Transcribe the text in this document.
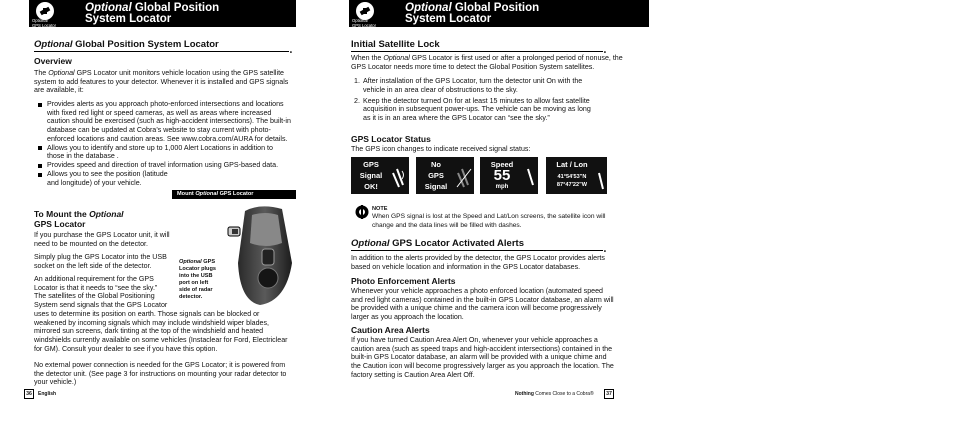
Optional
GPS Locator
Optional Global Position
System Locator
Optional Global Position System Locator •
Overview
The Optional GPS Locator unit monitors vehicle location using the GPS satellite system to add features to your detector. Whenever it is installed and GPS signals are available, it:
Provides alerts as you approach photo-enforced intersections and locations with fixed red light or speed cameras, as well as areas where increased caution should be exercised (such as high-accident intersections). The built-in database can be updated at Cobra’s website to stay current with photo-enforced locations and caution areas. See www.cobra.com/AURA for details.
Allows you to identify and store up to 1,000 Alert Locations in addition to those in the database .
Provides speed and direction of travel information using GPS-based data.
Allows you to see the position (latitude and longitude) of your vehicle.
To Mount the Optional
GPS Locator
If you purchase the GPS Locator unit, it will need to be mounted on the detector.
Simply plug the GPS Locator into the USB socket on the left side of the detector.
An additional requirement for the GPS Locator is that it needs to “see the sky.” The satellites of the Global Positioning System send signals that the GPS Locator
uses to determine its position on earth. Those signals can be blocked or weakened by incoming signals which may include windshield wiper blades, mirrored sun screens, dark tinting at the top of the windshield and heated windshields currently available on some vehicles (Instaclear for Ford, Electriclear for GM). Consult your dealer to see if you have this option.
No external power connection is needed for the GPS Locator; it is powered from the detector unit. (See page 3 for instructions on mounting your radar detector to your vehicle.)
Mount Optional GPS Locator
Optional GPS
Locator plugs
into the USB
port on left
side of radar
detector.
36	English
Optional
GPS Locator
Optional Global Position
System Locator
Initial Satellite Lock •
When the Optional GPS Locator is first used or after a prolonged period of nonuse, the GPS Locator needs more time to detect the Global Position System satellites.
1. After installation of the GPS Locator, turn the detector unit On with the vehicle in an area clear of obstructions to the sky.
2. Keep the detector turned On for at least 15 minutes to allow fast satellite acquisition in subsequent power-ups. The vehicle can be moving as long as it is in an area where the GPS Locator can “see the sky.”
GPS Locator Status
The GPS icon changes to indicate received signal status:
GPS
Signal
OK!
No
GPS
Signal
Speed
55
mph
Lat / Lon
41°54'53"N
87°47'22"W
NOTE
When GPS signal is lost at the Speed and Lat/Lon screens, the satellite icon will change and the data lines will be filled with dashes.
Optional GPS Locator Activated Alerts •
In addition to the alerts provided by the detector, the GPS Locator provides alerts based on vehicle location and information in the GPS Locator databases.
Photo Enforcement Alerts
Whenever your vehicle approaches a photo enforced location (automated speed and red light cameras) contained in the built-in GPS Locator database, an alarm will be provided with a unique chime and the camera icon will become progressively larger as you approach the location.
Caution Area Alerts
If you have turned Caution Area Alert On, whenever your vehicle approaches a caution area (such as speed traps and high-accident intersections) contained in the built-in GPS Locator database, an alarm will be provided with a unique chime and the Caution icon will become progressively larger as you approach the location. The factory setting is Caution Area Alert Off.
Nothing Comes Close to a Cobra®	37
